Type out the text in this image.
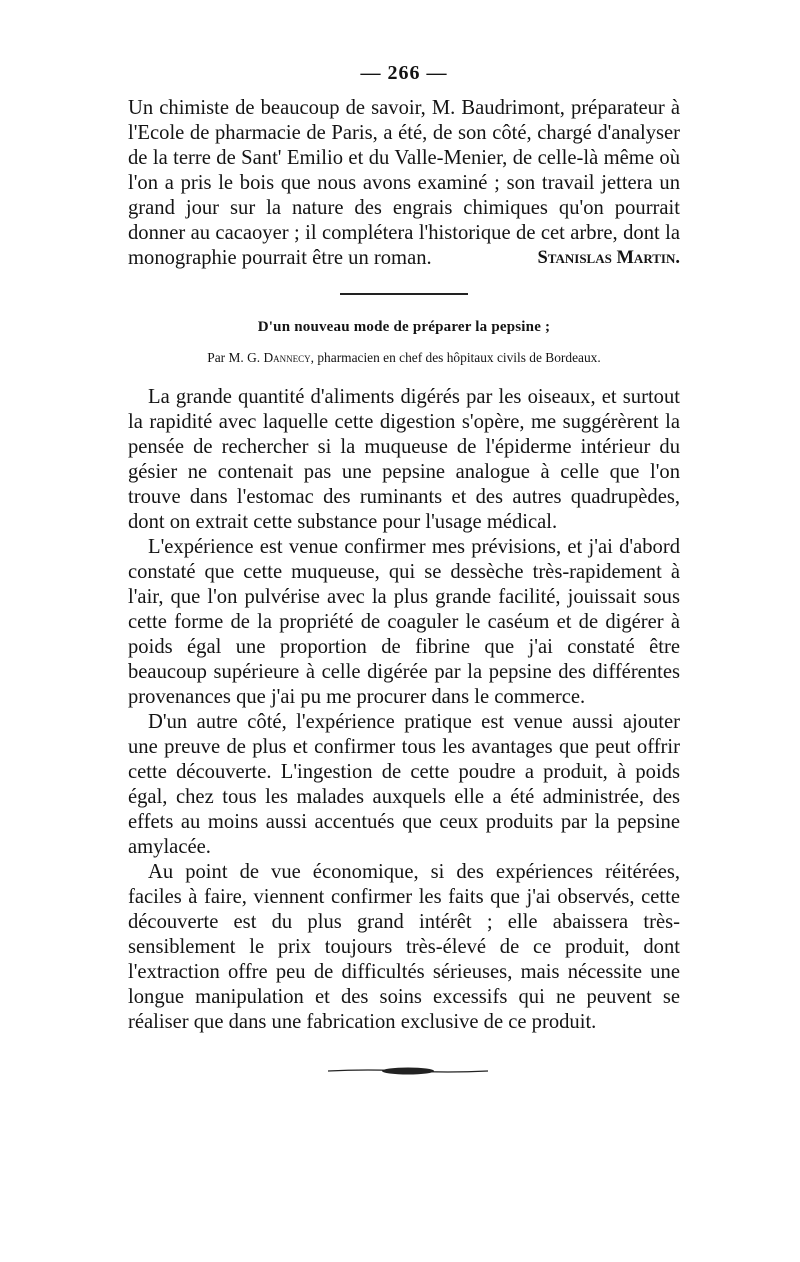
— 266 —

Un chimiste de beaucoup de savoir, M. Baudrimont, préparateur à l'Ecole de pharmacie de Paris, a été, de son côté, chargé d'analyser de la terre de Sant' Emilio et du Valle-Menier, de celle-là même où l'on a pris le bois que nous avons examiné ; son travail jettera un grand jour sur la nature des engrais chimiques qu'on pourrait donner au cacaoyer ; il complétera l'historique de cet arbre, dont la monographie pourrait être un roman.	Stanislas Martin.
D'un nouveau mode de préparer la pepsine ;
Par M. G. Dannecy, pharmacien en chef des hôpitaux civils de Bordeaux.

La grande quantité d'aliments digérés par les oiseaux, et surtout la rapidité avec laquelle cette digestion s'opère, me suggérèrent la pensée de rechercher si la muqueuse de l'épiderme intérieur du gésier ne contenait pas une pepsine analogue à celle que l'on trouve dans l'estomac des ruminants et des autres quadrupèdes, dont on extrait cette substance pour l'usage médical.

L'expérience est venue confirmer mes prévisions, et j'ai d'abord constaté que cette muqueuse, qui se dessèche très-rapidement à l'air, que l'on pulvérise avec la plus grande facilité, jouissait sous cette forme de la propriété de coaguler le caséum et de digérer à poids égal une proportion de fibrine que j'ai constaté être beaucoup supérieure à celle digérée par la pepsine des différentes provenances que j'ai pu me procurer dans le commerce.

D'un autre côté, l'expérience pratique est venue aussi ajouter une preuve de plus et confirmer tous les avantages que peut offrir cette découverte. L'ingestion de cette poudre a produit, à poids égal, chez tous les malades auxquels elle a été administrée, des effets au moins aussi accentués que ceux produits par la pepsine amylacée.

Au point de vue économique, si des expériences réitérées, faciles à faire, viennent confirmer les faits que j'ai observés, cette découverte est du plus grand intérêt ; elle abaissera très-sensiblement le prix toujours très-élevé de ce produit, dont l'extraction offre peu de difficultés sérieuses, mais nécessite une longue manipulation et des soins excessifs qui ne peuvent se réaliser que dans une fabrication exclusive de ce produit.
